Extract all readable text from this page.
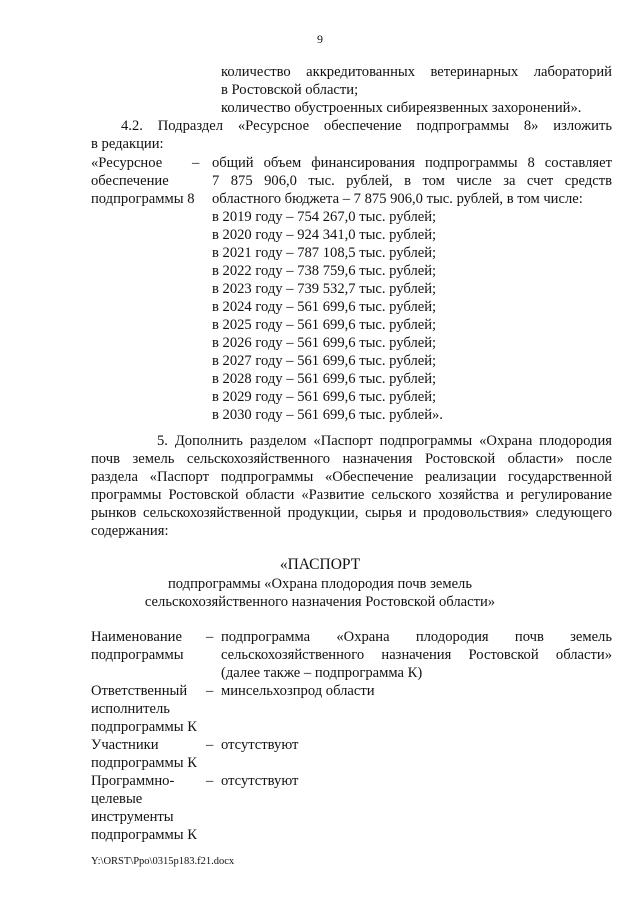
9
количество аккредитованных ветеринарных лабораторий
в Ростовской области;
количество обустроенных сибиреязвенных захоронений».
4.2. Подраздел «Ресурсное обеспечение подпрограммы 8» изложить
в редакции:
«Ресурсное
обеспечение
подпрограммы 8
– общий объем финансирования подпрограммы 8 составляет
7 875 906,0 тыс. рублей, в том числе за счет средств
областного бюджета – 7 875 906,0 тыс. рублей, в том числе:
в 2019 году – 754 267,0 тыс. рублей;
в 2020 году – 924 341,0 тыс. рублей;
в 2021 году – 787 108,5 тыс. рублей;
в 2022 году – 738 759,6 тыс. рублей;
в 2023 году – 739 532,7 тыс. рублей;
в 2024 году – 561 699,6 тыс. рублей;
в 2025 году – 561 699,6 тыс. рублей;
в 2026 году – 561 699,6 тыс. рублей;
в 2027 году – 561 699,6 тыс. рублей;
в 2028 году – 561 699,6 тыс. рублей;
в 2029 году – 561 699,6 тыс. рублей;
в 2030 году – 561 699,6 тыс. рублей».
5. Дополнить разделом «Паспорт подпрограммы «Охрана плодородия
почв земель сельскохозяйственного назначения Ростовской области» после
раздела «Паспорт подпрограммы «Обеспечение реализации государственной
программы Ростовской области «Развитие сельского хозяйства и регулирование
рынков сельскохозяйственной продукции, сырья и продовольствия» следующего
содержания:
«ПАСПОРТ
подпрограммы «Охрана плодородия почв земель
сельскохозяйственного назначения Ростовской области»
Наименование
подпрограммы
– подпрограмма «Охрана плодородия почв земель
сельскохозяйственного назначения Ростовской области»
(далее также – подпрограмма К)
Ответственный
исполнитель
подпрограммы К
– минсельхозпрод области
Участники
подпрограммы К
– отсутствуют
Программно-
целевые
инструменты
подпрограммы К
– отсутствуют
Y:\ORST\Ppo\0315p183.f21.docx
